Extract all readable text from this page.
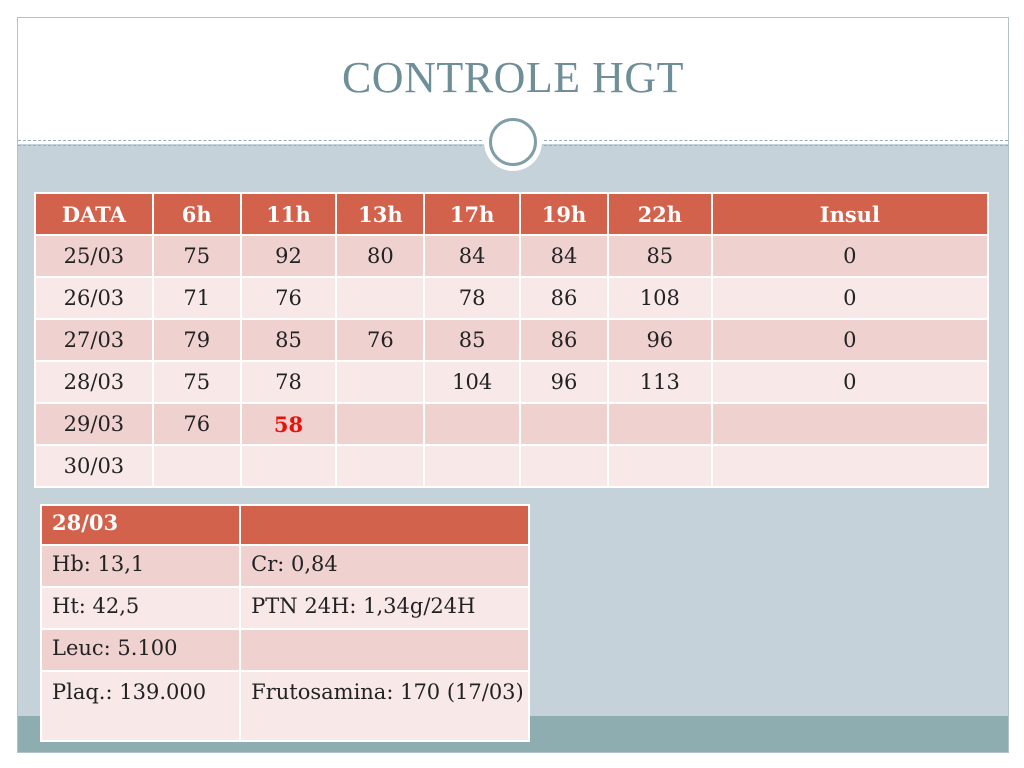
CONTROLE HGT
DATA	6h	11h	13h	17h	19h	22h	Insul
25/03	75	92	80	84	84	85	0
26/03	71	76		78	86	108	0
27/03	79	85	76	85	86	96	0
28/03	75	78		104	96	113	0
29/03	76	58					
30/03							
28/03	
Hb: 13,1	Cr: 0,84
Ht: 42,5	PTN 24H: 1,34g/24H
Leuc: 5.100	
Plaq.: 139.000	Frutosamina: 170 (17/03)
